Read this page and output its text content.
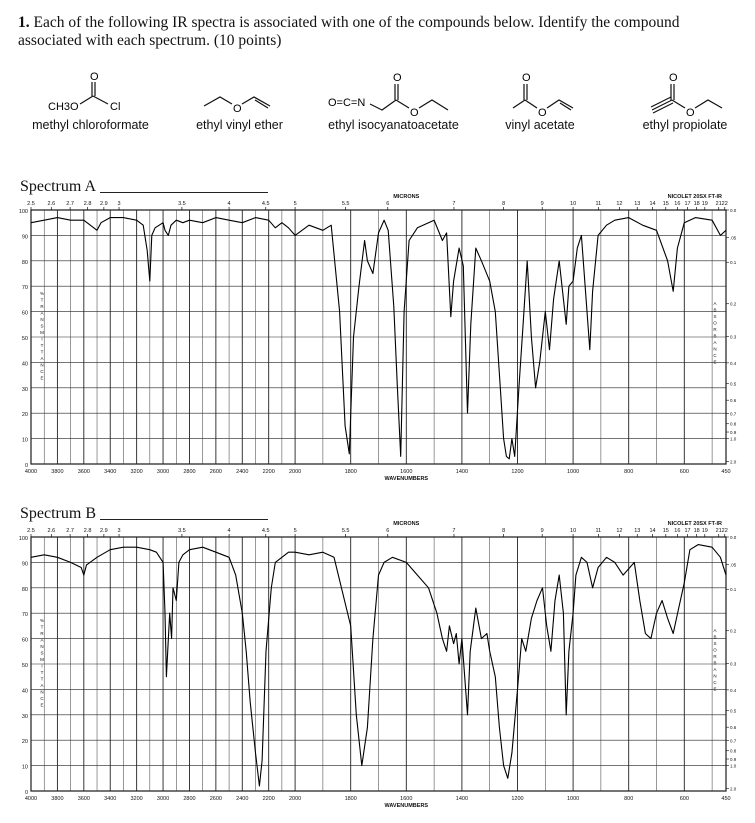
1. Each of the following IR spectra is associated with one of the compounds below. Identify the compound associated with each spectrum. (10 points)
CH3O
O
Cl
methyl chloroformate
O
ethyl vinyl ether
O=C=N
O
O
ethyl isocyanatoacetate
O
O
vinyl acetate
O
O
ethyl propiolate
Spectrum A
100
90
80
70
60
50
40
30
20
10
0
4000	3800	3600	3400	3200	3000	2800	2600	2400	2200	2000	1800	1600	1400	1200	1000	800	600	450
2.5 2.6 2.7 2.8 2.9 3	3.5	4	4.5	5	5.5	6	7	8	9	10	11	12 13 14 15 16 17 18 19 21 22
MICRONS	NICOLET 20SX FT-IR
WAVENUMBERS
0.0
.05
0.1
0.2
0.3
0.4
0.5
0.6
0.7
0.8
0.9
1.0
2.0
%
T
R
A
N
S
M
I
T
T
A
N
C
E
A
B
S
O
R
B
A
N
C
E
Spectrum B
100
90
80
70
60
50
40
30
20
10
0
4000	3800	3600	3400	3200	3000	2800	2600	2400	2200	2000	1800	1600	1400	1200	1000	800	600	450
2.5 2.6 2.7 2.8 2.9 3	3.5	4	4.5	5	5.5	6	7	8	9	10	11	12 13 14 15 16 17 18 19 21 22
MICRONS	NICOLET 20SX FT-IR
WAVENUMBERS
0.0
.05
0.1
0.2
0.3
0.4
0.5
0.6
0.7
0.8
0.9
1.0
2.0
%
T
R
A
N
S
M
I
T
T
A
N
C
E
A
B
S
O
R
B
A
N
C
E
